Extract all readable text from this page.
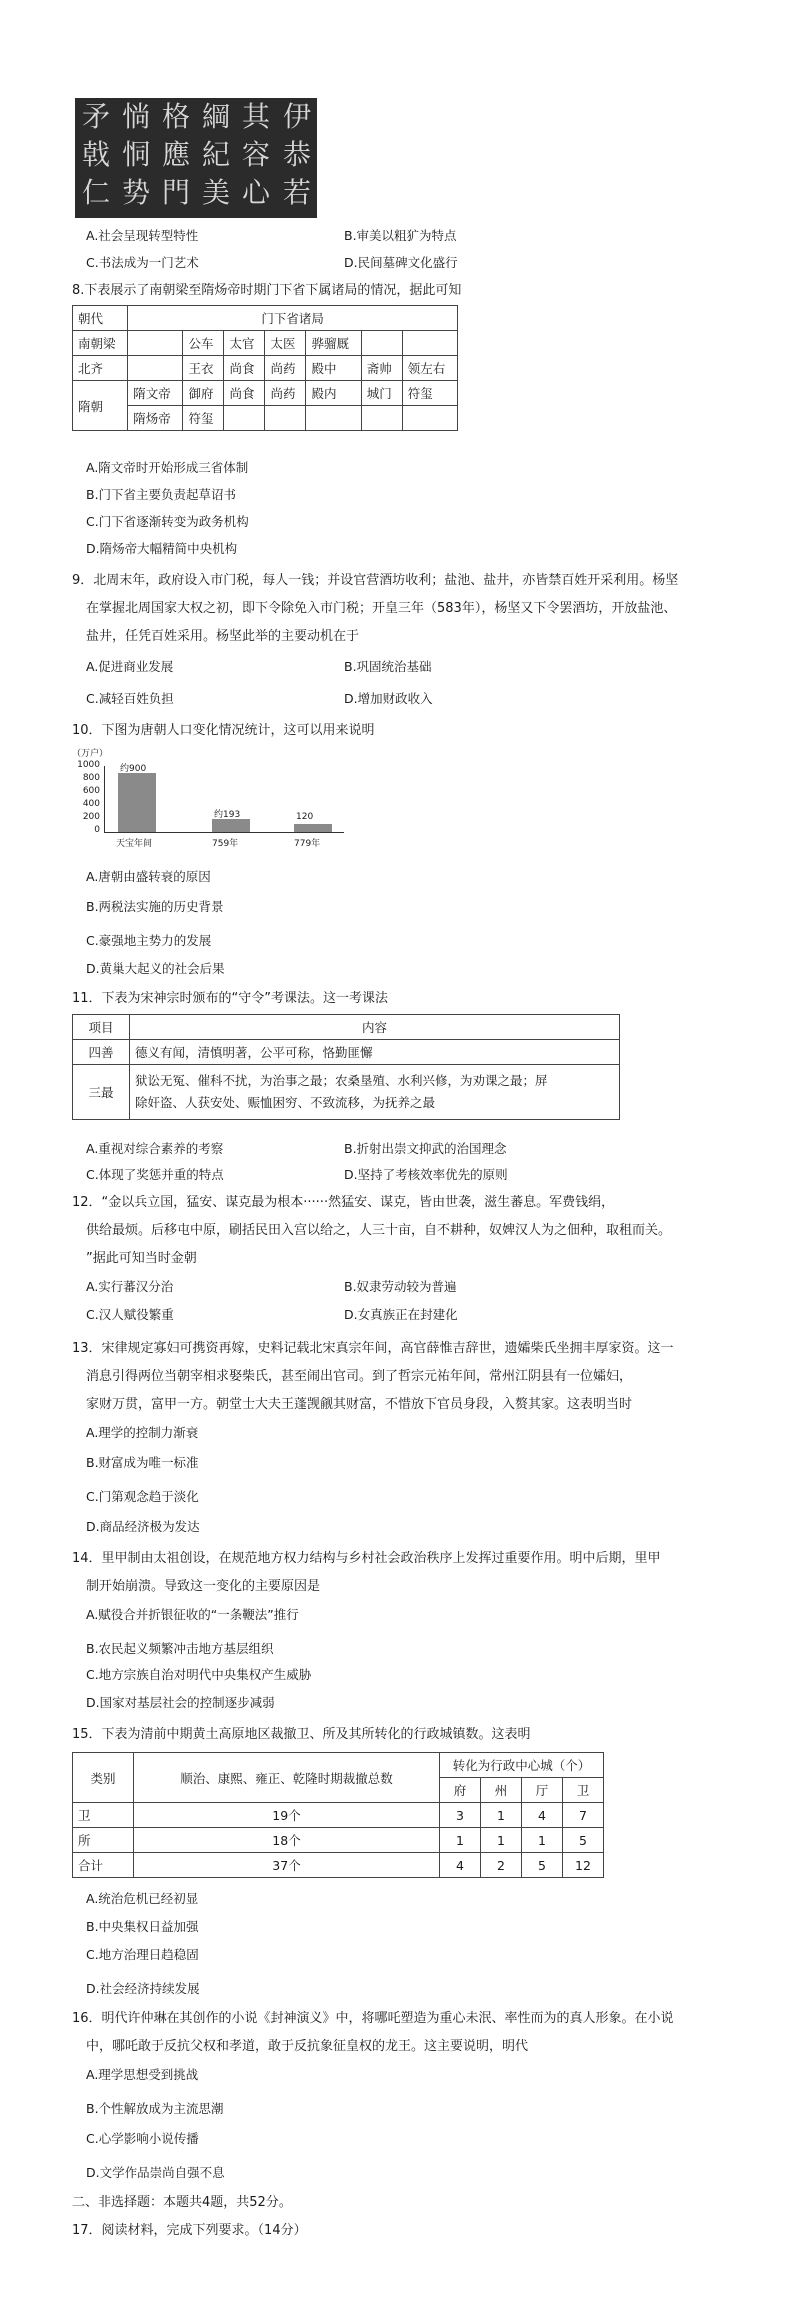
伊
恭
若
其
容
心
綱
紀
美
格
應
門
惝
恫
势
矛
戟
仁
A.社会呈现转型特性	B.审美以粗犷为特点
C.书法成为一门艺术	D.民间墓碑文化盛行
8.下表展示了南朝梁至隋炀帝时期门下省下属诸局的情况，据此可知
朝代	门下省诸局						
南朝梁		公车	太官	太医	骅骝厩		
北齐		王衣	尚食	尚药	殿中	斋帅	领左右
隋朝	隋文帝	御府	尚食	尚药	殿内	城门	符玺
	隋炀帝	符玺					
A.隋文帝时开始形成三省体制
B.门下省主要负责起草诏书
C.门下省逐渐转变为政务机构
D.隋炀帝大幅精简中央机构
9．北周末年，政府设入市门税，每人一钱；并设官营酒坊收利；盐池、盐井，亦皆禁百姓开采利用。杨坚
在掌握北周国家大权之初，即下令除免入市门税；开皇三年（583年），杨坚又下令罢酒坊，开放盐池、
盐井，任凭百姓采用。杨坚此举的主要动机在于
A.促进商业发展	B.巩固统治基础
C.减轻百姓负担	D.增加财政收入
10．下图为唐朝人口变化情况统计，这可以用来说明
（万户）
1000
800
600
400
200
0
约900
约193	120
天宝年间	759年	779年
A.唐朝由盛转衰的原因
B.两税法实施的历史背景
C.豪强地主势力的发展
D.黄巢大起义的社会后果
11．下表为宋神宗时颁布的“守令”考课法。这一考课法
项目	内容
四善	德义有闻，清慎明著，公平可称，恪勤匪懈
三最	狱讼无冤、催科不扰，为治事之最；农桑垦殖、水利兴修，为劝课之最；屏
除奸盗、人获安处、赈恤困穷、不致流移，为抚养之最
A.重视对综合素养的考察	B.折射出崇文抑武的治国理念
C.体现了奖惩并重的特点	D.坚持了考核效率优先的原则
12．“金以兵立国，猛安、谋克最为根本······然猛安、谋克，皆由世袭，滋生蕃息。军费钱绢，
供给最烦。后移屯中原，刷括民田入宫以给之，人三十亩，自不耕种，奴婢汉人为之佃种，取租而关。
”据此可知当时金朝
A.实行蕃汉分治	B.奴隶劳动较为普遍
C.汉人赋役繁重	D.女真族正在封建化
13．宋律规定寡妇可携资再嫁，史料记载北宋真宗年间，高官薛惟吉辞世，遗孀柴氏坐拥丰厚家资。这一
消息引得两位当朝宰相求娶柴氏，甚至闹出官司。到了哲宗元祐年间，常州江阴县有一位孀妇，
家财万贯，富甲一方。朝堂士大夫王蓬觊觎其财富，不惜放下官员身段，入赘其家。这表明当时
A.理学的控制力渐衰
B.财富成为唯一标准
C.门第观念趋于淡化
D.商品经济极为发达
14．里甲制由太祖创设，在规范地方权力结构与乡村社会政治秩序上发挥过重要作用。明中后期，里甲
制开始崩溃。导致这一变化的主要原因是
A.赋役合并折银征收的“一条鞭法”推行
B.农民起义频繁冲击地方基层组织
C.地方宗族自治对明代中央集权产生威胁
D.国家对基层社会的控制逐步减弱
15．下表为清前中期黄土高原地区裁撤卫、所及其所转化的行政城镇数。这表明
类别	顺治、康熙、雍正、乾隆时期裁撤总数	转化为行政中心城（个）			
		府	州	厅	卫
卫	19个	3	1	4	7
所	18个	1	1	1	5
合计	37个	4	2	5	12
A.统治危机已经初显
B.中央集权日益加强
C.地方治理日趋稳固
D.社会经济持续发展
16．明代许仲琳在其创作的小说《封神演义》中，将哪吒塑造为重心未泯、率性而为的真人形象。在小说
中，哪吒敢于反抗父权和孝道，敢于反抗象征皇权的龙王。这主要说明，明代
A.理学思想受到挑战
B.个性解放成为主流思潮
C.心学影响小说传播
D.文学作品崇尚自强不息
二、非选择题：本题共4题，共52分。
17．阅读材料，完成下列要求。（14分）
